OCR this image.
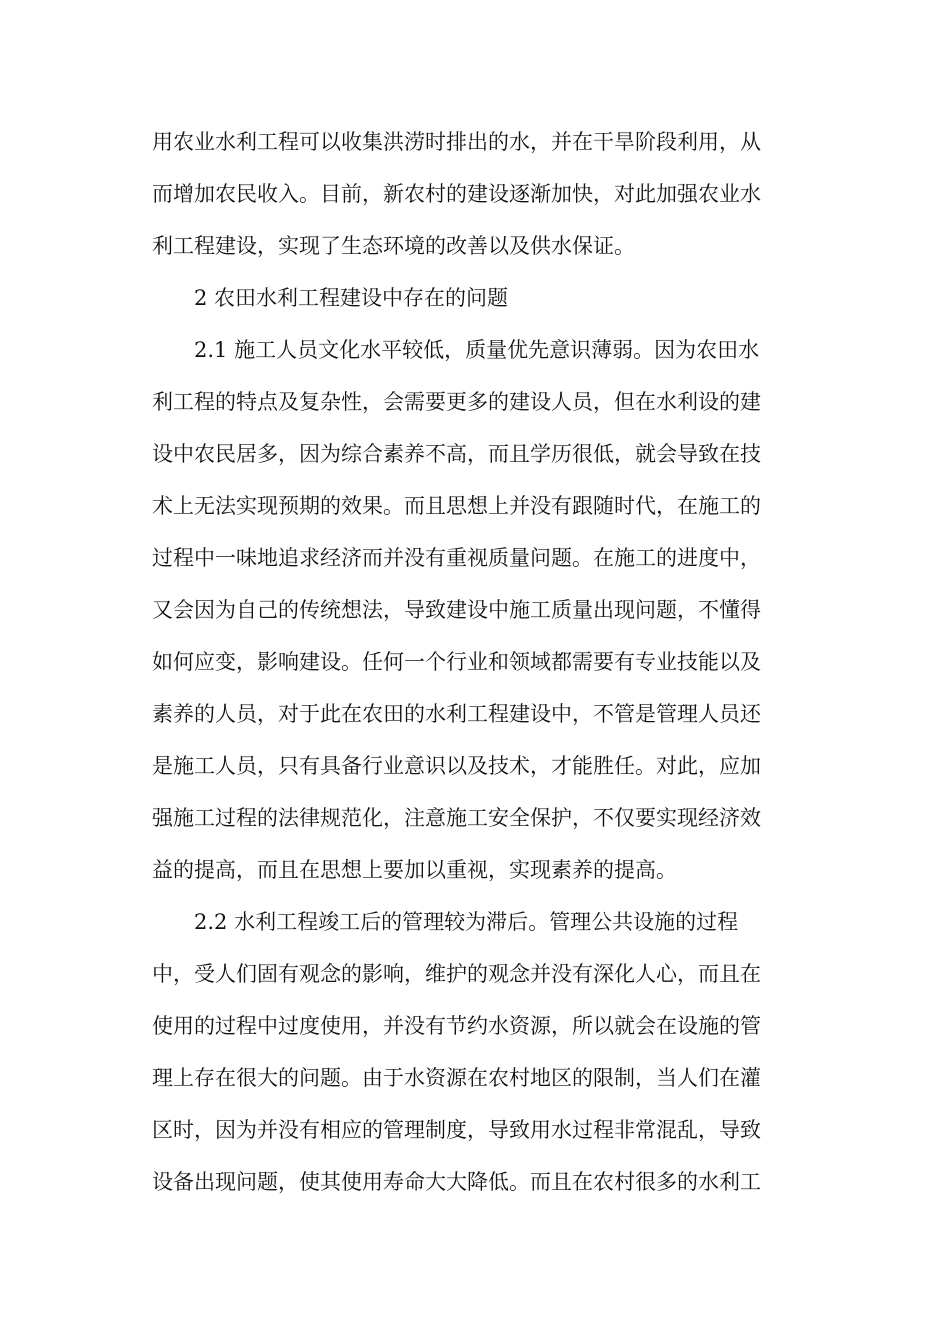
用农业水利工程可以收集洪涝时排出的水，并在干旱阶段利用，从
而增加农民收入。目前，新农村的建设逐渐加快，对此加强农业水
利工程建设，实现了生态环境的改善以及供水保证。
2 农田水利工程建设中存在的问题
2.1 施工人员文化水平较低，质量优先意识薄弱。因为农田水
利工程的特点及复杂性，会需要更多的建设人员，但在水利设的建
设中农民居多，因为综合素养不高，而且学历很低，就会导致在技
术上无法实现预期的效果。而且思想上并没有跟随时代，在施工的
过程中一味地追求经济而并没有重视质量问题。在施工的进度中，
又会因为自己的传统想法，导致建设中施工质量出现问题，不懂得
如何应变，影响建设。任何一个行业和领域都需要有专业技能以及
素养的人员，对于此在农田的水利工程建设中，不管是管理人员还
是施工人员，只有具备行业意识以及技术，才能胜任。对此，应加
强施工过程的法律规范化，注意施工安全保护，不仅要实现经济效
益的提高，而且在思想上要加以重视，实现素养的提高。
2.2 水利工程竣工后的管理较为滞后。管理公共设施的过程
中，受人们固有观念的影响，维护的观念并没有深化人心，而且在
使用的过程中过度使用，并没有节约水资源，所以就会在设施的管
理上存在很大的问题。由于水资源在农村地区的限制，当人们在灌
区时，因为并没有相应的管理制度，导致用水过程非常混乱，导致
设备出现问题，使其使用寿命大大降低。而且在农村很多的水利工
